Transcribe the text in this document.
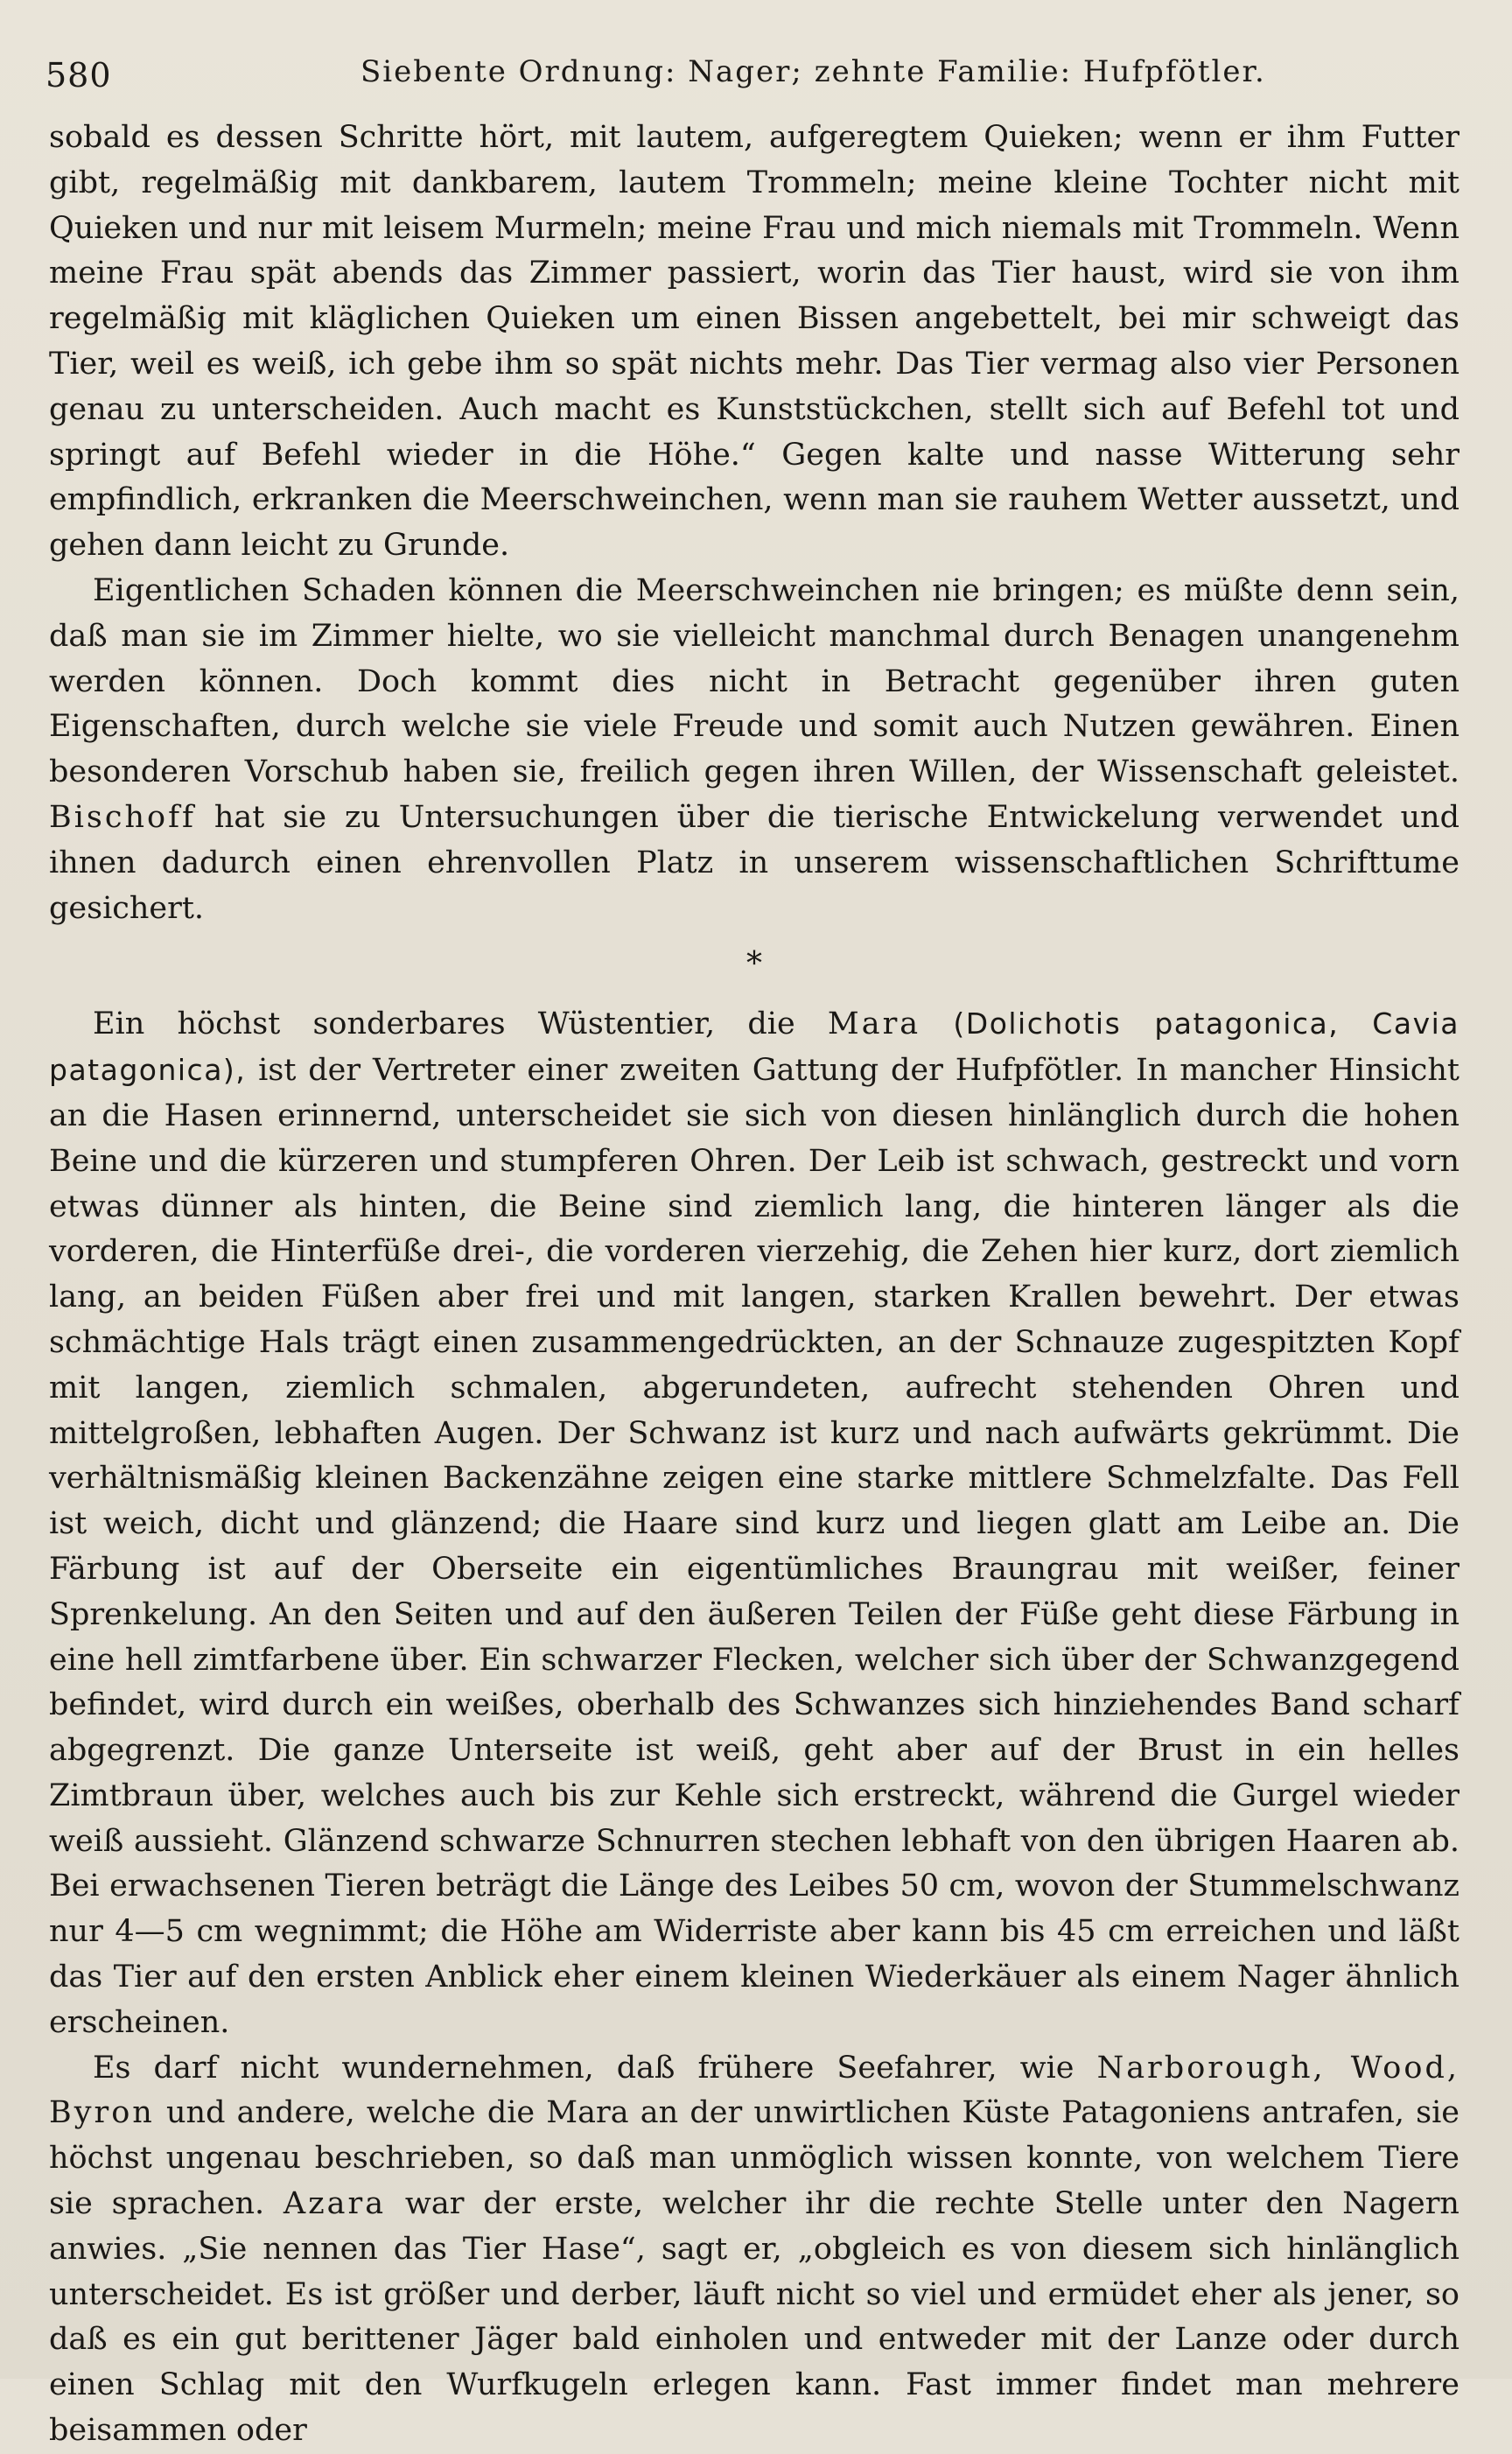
580	Siebente Ordnung: Nager; zehnte Familie: Hufpfötler.

sobald es dessen Schritte hört, mit lautem, aufgeregtem Quieken; wenn er ihm Futter gibt, regelmäßig mit dankbarem, lautem Trommeln; meine kleine Tochter nicht mit Quieken und nur mit leisem Murmeln; meine Frau und mich niemals mit Trommeln. Wenn meine Frau spät abends das Zimmer passiert, worin das Tier haust, wird sie von ihm regelmäßig mit kläglichen Quieken um einen Bissen angebettelt, bei mir schweigt das Tier, weil es weiß, ich gebe ihm so spät nichts mehr. Das Tier vermag also vier Personen genau zu unterscheiden. Auch macht es Kunststückchen, stellt sich auf Befehl tot und springt auf Befehl wieder in die Höhe.“ Gegen kalte und nasse Witterung sehr empfindlich, erkranken die Meerschweinchen, wenn man sie rauhem Wetter aussetzt, und gehen dann leicht zu Grunde.

Eigentlichen Schaden können die Meerschweinchen nie bringen; es müßte denn sein, daß man sie im Zimmer hielte, wo sie vielleicht manchmal durch Benagen unangenehm werden können. Doch kommt dies nicht in Betracht gegenüber ihren guten Eigenschaften, durch welche sie viele Freude und somit auch Nutzen gewähren. Einen besonderen Vorschub haben sie, freilich gegen ihren Willen, der Wissenschaft geleistet. Bischoff hat sie zu Untersuchungen über die tierische Entwickelung verwendet und ihnen dadurch einen ehrenvollen Platz in unserem wissenschaftlichen Schrifttume gesichert.

*

Ein höchst sonderbares Wüstentier, die Mara (Dolichotis patagonica, Cavia patagonica), ist der Vertreter einer zweiten Gattung der Hufpfötler. In mancher Hinsicht an die Hasen erinnernd, unterscheidet sie sich von diesen hinlänglich durch die hohen Beine und die kürzeren und stumpferen Ohren. Der Leib ist schwach, gestreckt und vorn etwas dünner als hinten, die Beine sind ziemlich lang, die hinteren länger als die vorderen, die Hinterfüße drei-, die vorderen vierzehig, die Zehen hier kurz, dort ziemlich lang, an beiden Füßen aber frei und mit langen, starken Krallen bewehrt. Der etwas schmächtige Hals trägt einen zusammengedrückten, an der Schnauze zugespitzten Kopf mit langen, ziemlich schmalen, abgerundeten, aufrecht stehenden Ohren und mittelgroßen, lebhaften Augen. Der Schwanz ist kurz und nach aufwärts gekrümmt. Die verhältnismäßig kleinen Backenzähne zeigen eine starke mittlere Schmelzfalte. Das Fell ist weich, dicht und glänzend; die Haare sind kurz und liegen glatt am Leibe an. Die Färbung ist auf der Oberseite ein eigentümliches Braungrau mit weißer, feiner Sprenkelung. An den Seiten und auf den äußeren Teilen der Füße geht diese Färbung in eine hell zimtfarbene über. Ein schwarzer Flecken, welcher sich über der Schwanzgegend befindet, wird durch ein weißes, oberhalb des Schwanzes sich hinziehendes Band scharf abgegrenzt. Die ganze Unterseite ist weiß, geht aber auf der Brust in ein helles Zimtbraun über, welches auch bis zur Kehle sich erstreckt, während die Gurgel wieder weiß aussieht. Glänzend schwarze Schnurren stechen lebhaft von den übrigen Haaren ab. Bei erwachsenen Tieren beträgt die Länge des Leibes 50 cm, wovon der Stummelschwanz nur 4—5 cm wegnimmt; die Höhe am Widerriste aber kann bis 45 cm erreichen und läßt das Tier auf den ersten Anblick eher einem kleinen Wiederkäuer als einem Nager ähnlich erscheinen.

Es darf nicht wundernehmen, daß frühere Seefahrer, wie Narborough, Wood, Byron und andere, welche die Mara an der unwirtlichen Küste Patagoniens antrafen, sie höchst ungenau beschrieben, so daß man unmöglich wissen konnte, von welchem Tiere sie sprachen. Azara war der erste, welcher ihr die rechte Stelle unter den Nagern anwies. „Sie nennen das Tier Hase“, sagt er, „obgleich es von diesem sich hinlänglich unterscheidet. Es ist größer und derber, läuft nicht so viel und ermüdet eher als jener, so daß es ein gut berittener Jäger bald einholen und entweder mit der Lanze oder durch einen Schlag mit den Wurfkugeln erlegen kann. Fast immer findet man mehrere beisammen oder
